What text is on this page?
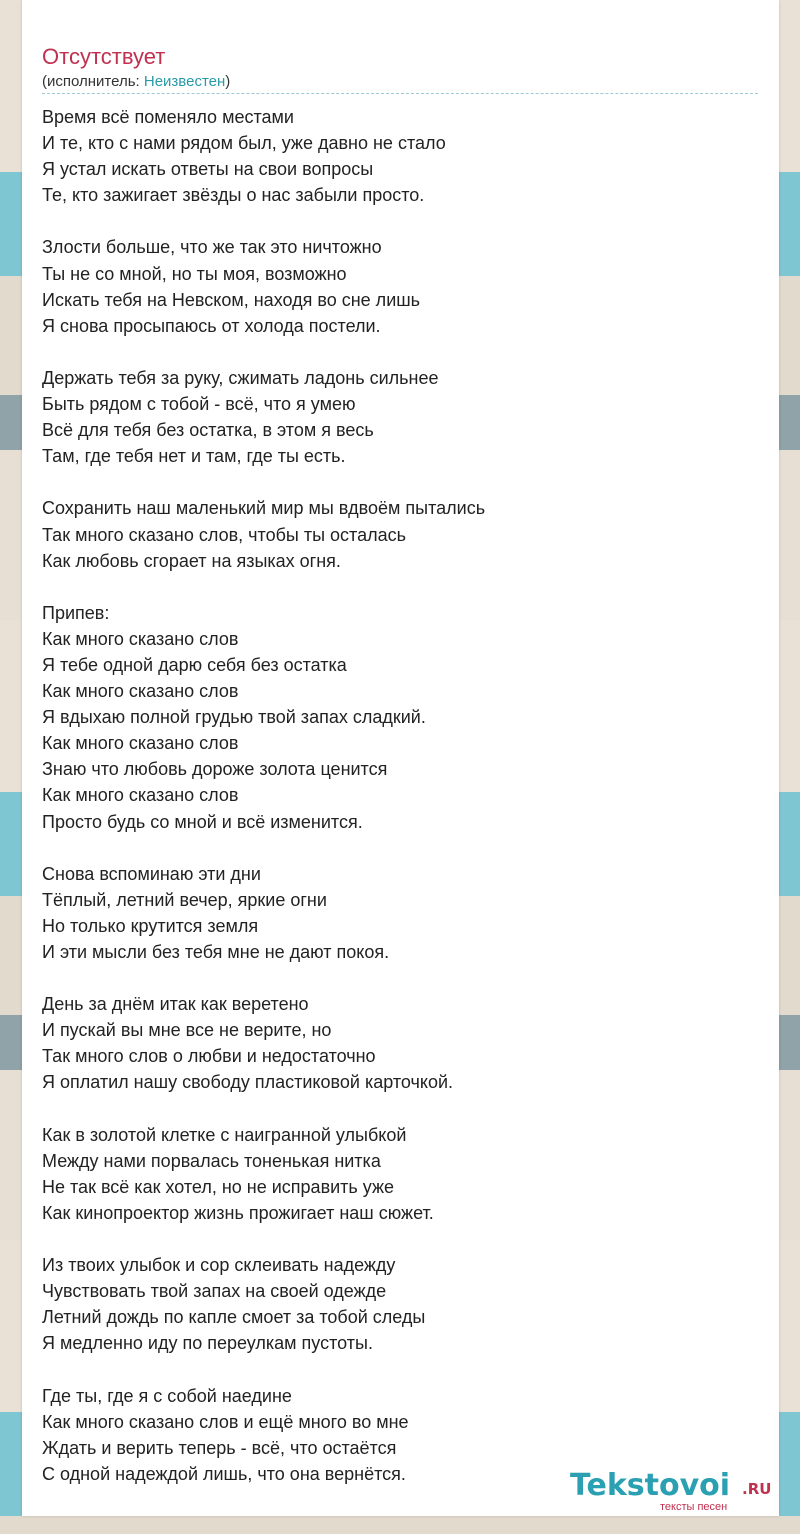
Отсутствует
(исполнитель: Неизвестен)
Время всё поменяло местами
И те, кто с нами рядом был, уже давно не стало
Я устал искать ответы на свои вопросы
Те, кто зажигает звёзды о нас забыли просто.

Злости больше, что же так это ничтожно
Ты не со мной, но ты моя, возможно
Искать тебя на Невском, находя во сне лишь
Я снова просыпаюсь от холода постели.

Держать тебя за руку, сжимать ладонь сильнее
Быть рядом с тобой - всё, что я умею
Всё для тебя без остатка, в этом я весь
Там, где тебя нет и там, где ты есть.

Сохранить наш маленький мир мы вдвоём пытались
Так много сказано слов, чтобы ты осталась
Как любовь сгорает на языках огня.

Припев:
Как много сказано слов
Я тебе одной дарю себя без остатка
Как много сказано слов
Я вдыхаю полной грудью твой запах сладкий.
Как много сказано слов
Знаю что любовь дороже золота ценится
Как много сказано слов
Просто будь со мной и всё изменится.

Снова вспоминаю эти дни
Тёплый, летний вечер, яркие огни
Но только крутится земля
И эти мысли без тебя мне не дают покоя.

День за днём итак как веретено
И пускай вы мне все не верите, но
Так много слов о любви и недостаточно
Я оплатил нашу свободу пластиковой карточкой.

Как в золотой клетке с наигранной улыбкой
Между нами порвалась тоненькая нитка
Не так всё как хотел, но не исправить уже
Как кинопроектор жизнь прожигает наш сюжет.

Из твоих улыбок и сор склеивать надежду
Чувствовать твой запах на своей одежде
Летний дождь по капле смоет за тобой следы
Я медленно иду по переулкам пустоты.

Где ты, где я с собой наедине
Как много сказано слов и ещё много во мне
Ждать и верить теперь - всё, что остаётся
С одной надеждой лишь, что она вернётся.	Tekstovoi .RU
тексты песен
